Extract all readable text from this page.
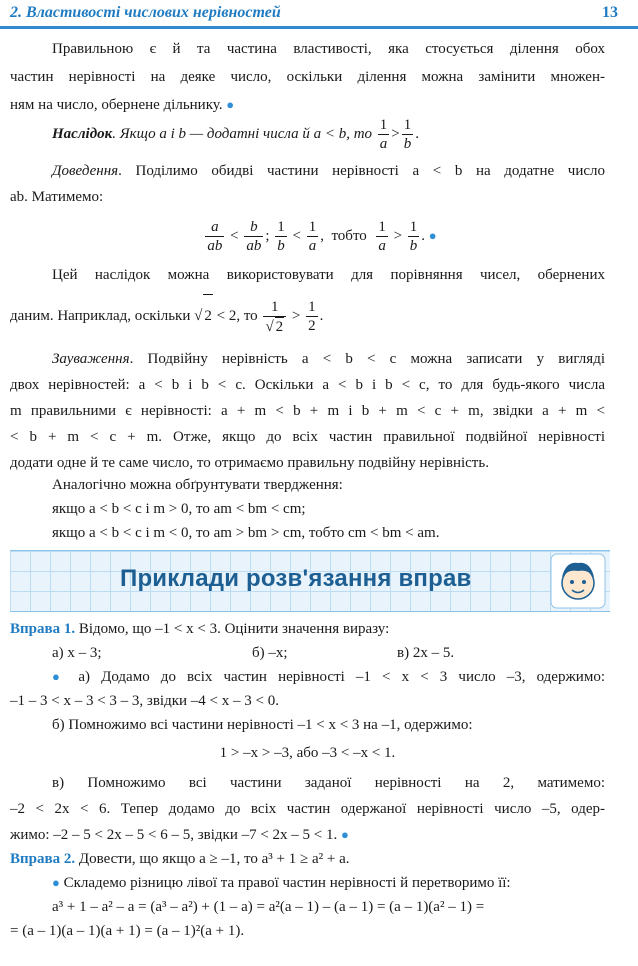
2. Властивості числових нерівностей	13
Правильною є й та частина властивості, яка стосується ділення обох
частин нерівності на деяке число, оскільки ділення можна замінити множен-
ням на число, обернене дільнику. ●
Наслідок. Якщо a і b — додатні числа й a < b, то $\frac{1}{a} > \frac{1}{b}$ .
Доведення. Поділимо обидві частини нерівності a < b на додатне число
ab. Матимемо:
$\frac{a}{ab} < \frac{b}{ab}$ ; $\frac{1}{b} < \frac{1}{a}$ ,  тобто $\frac{1}{a} > \frac{1}{b}$ . ●
Цей наслідок можна використовувати для порівняння чисел, обернених
даним. Наприклад, оскільки √ 2 < 2, то $\frac{1}{√ 2} > \frac{1}{2}$ .
Зауваження. Подвійну нерівність a < b < c можна записати у вигляді
двох нерівностей: a < b і b < c. Оскільки a < b і b < c, то для будь-якого числа
m правильними є нерівності: a + m < b + m і b + m < c + m, звідки a + m <
< b + m < c + m. Отже, якщо до всіх частин правильної подвійної нерівності
додати одне й те саме число, то отримаємо правильну подвійну нерівність.
Аналогічно можна обґрунтувати твердження:
якщо a < b < c і m > 0, то am < bm < cm;
якщо a < b < c і m < 0, то am > bm > cm, тобто cm < bm < am.
Приклади розв'язання вправ
Вправа 1. Відомо, що –1 < x < 3. Оцінити значення виразу:
а) x – 3;	б) –x;	в) 2x – 5.
● а) Додамо до всіх частин нерівності –1 < x < 3 число –3, одержимо:
–1 – 3 < x – 3 < 3 – 3, звідки –4 < x – 3 < 0.
б) Помножимо всі частини нерівності –1 < x < 3 на –1, одержимо:
1 > –x > –3, або –3 < –x < 1.
в) Помножимо всі частини заданої нерівності на 2, матимемо:
–2 < 2x < 6. Тепер додамо до всіх частин одержаної нерівності число –5, одер-
жимо: –2 – 5 < 2x – 5 < 6 – 5, звідки –7 < 2x – 5 < 1. ●
Вправа 2. Довести, що якщо a ≥ –1, то a³ + 1 ≥ a² + a.
● Складемо різницю лівої та правої частин нерівності й перетворимо її:
a³ + 1 – a² – a = (a³ – a²) + (1 – a) = a²(a – 1) – (a – 1) = (a – 1)(a² – 1) =
= (a – 1)(a – 1)(a + 1) = (a – 1)²(a + 1).
